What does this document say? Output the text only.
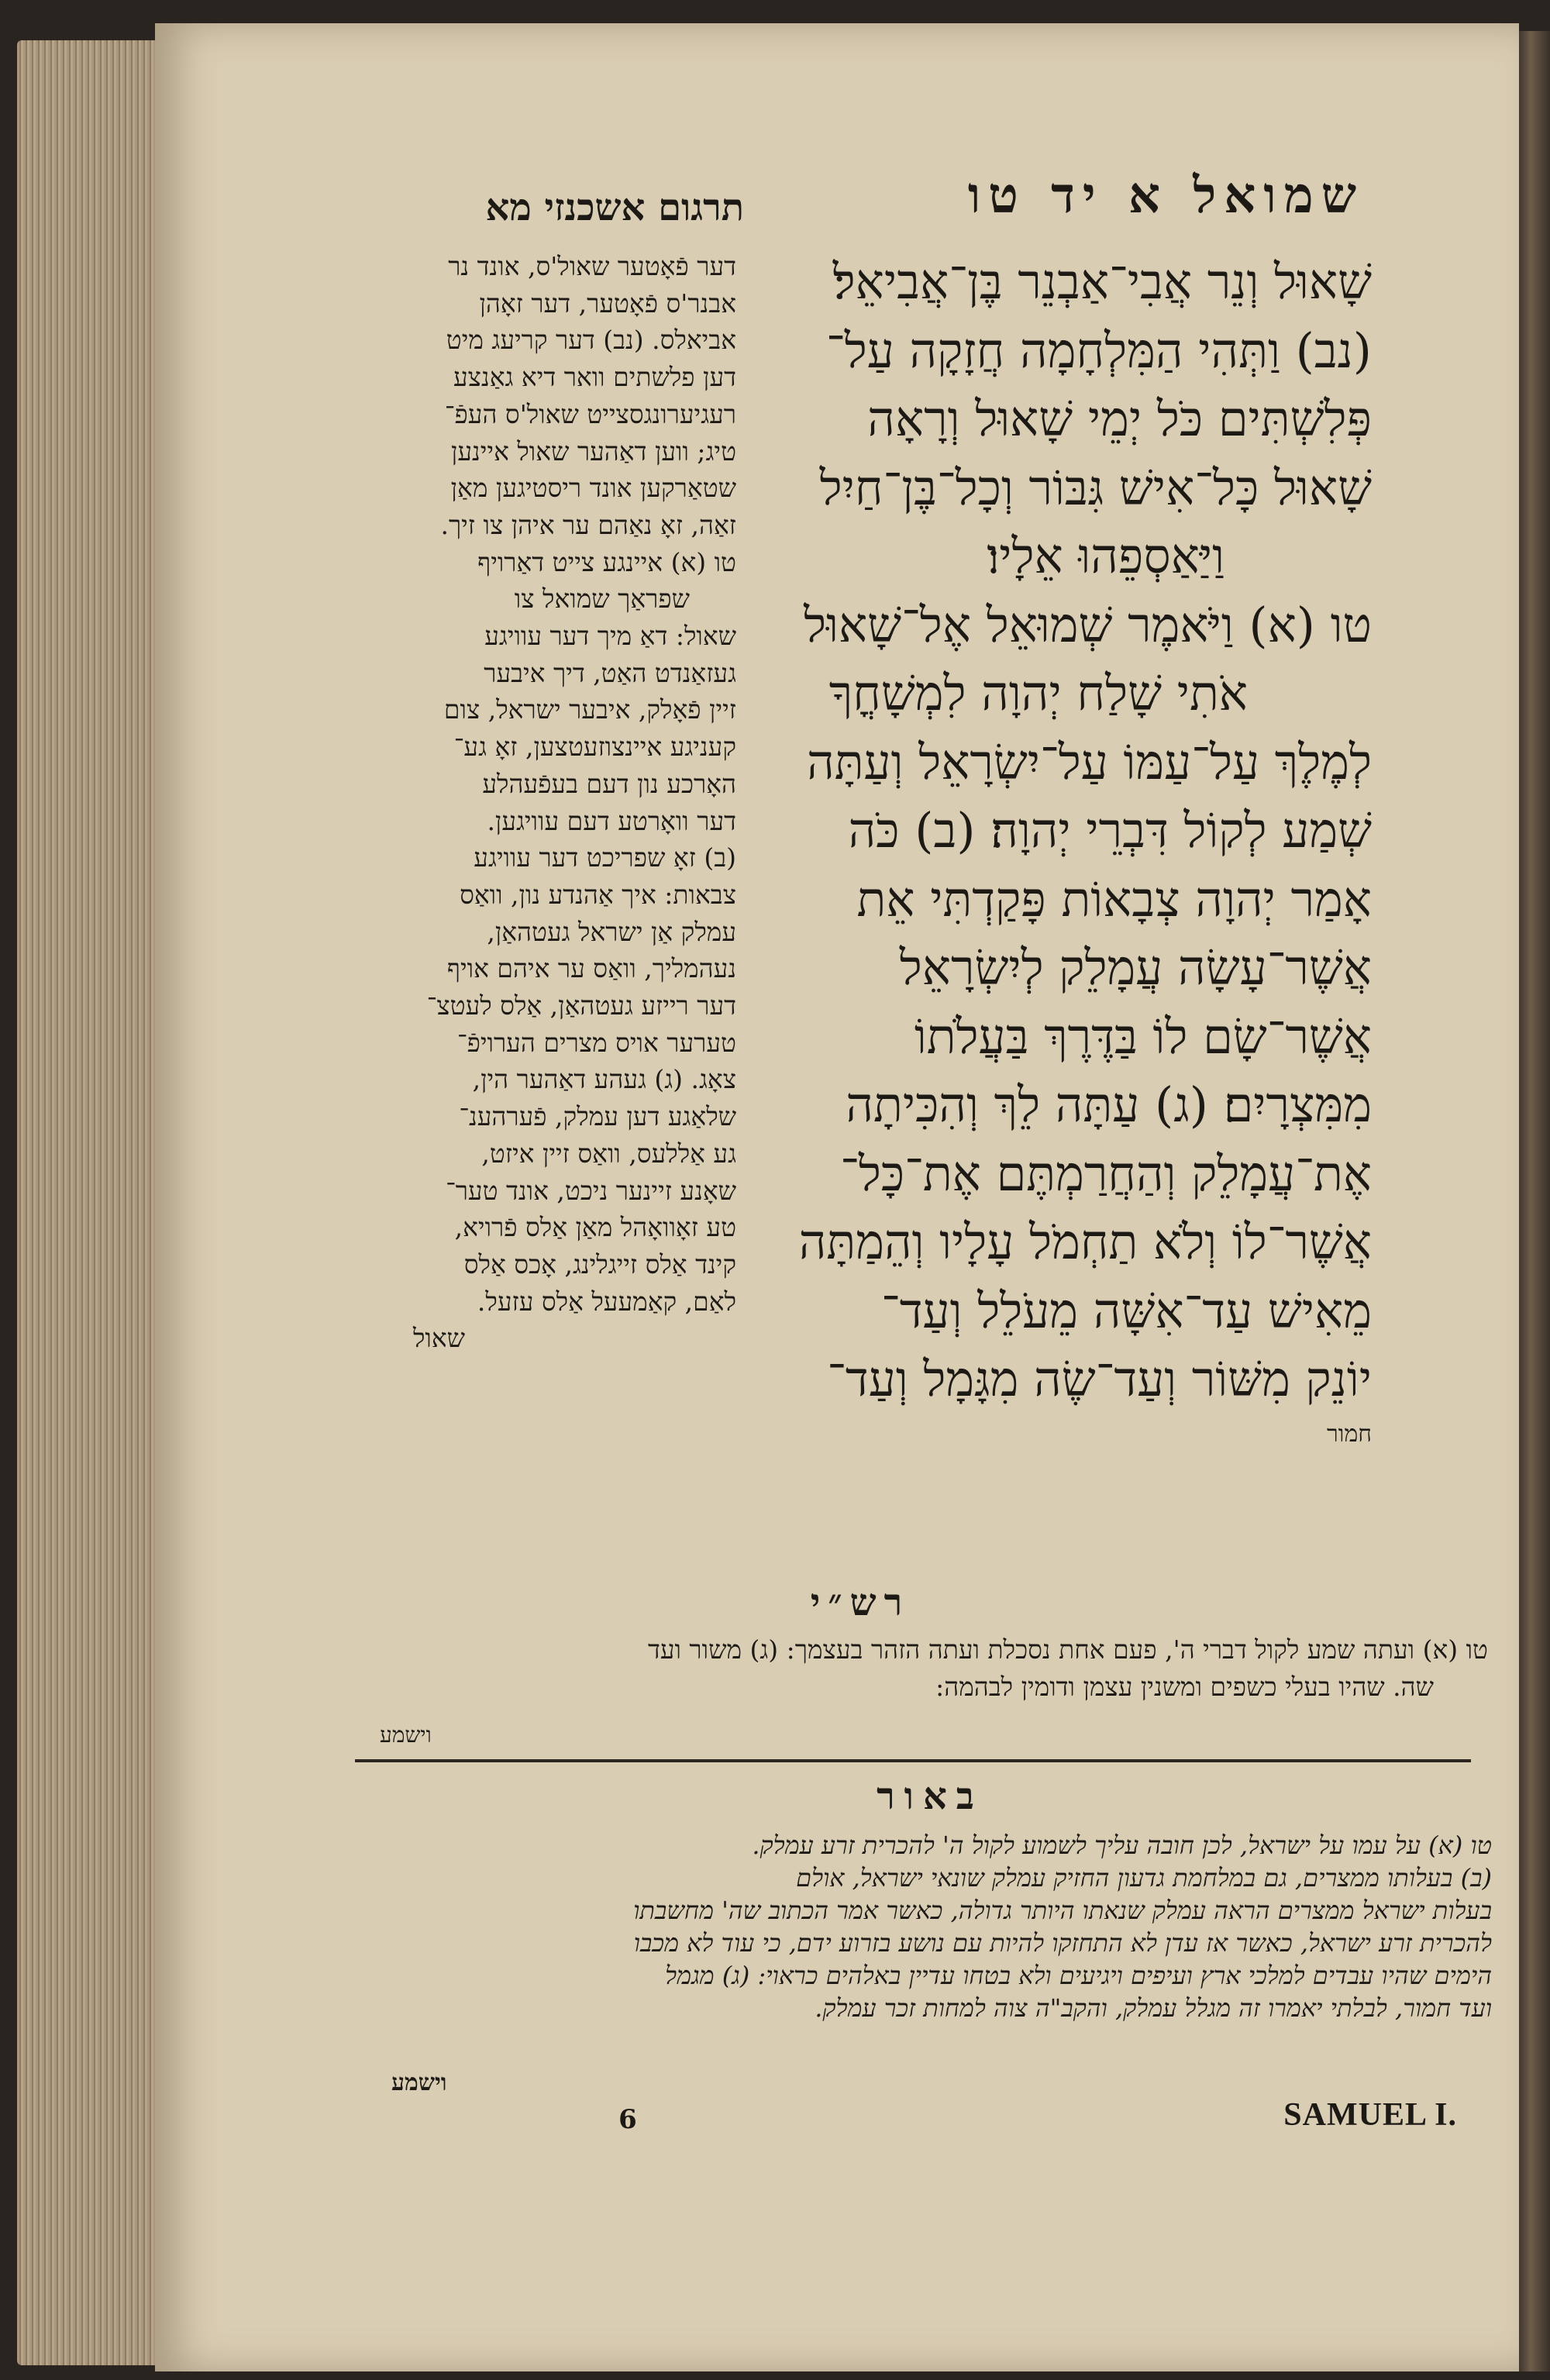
שמואל א יד טו
תרגום אשכנזי מא
שָׁאוּל וְנֵר אֲבִי־אַבְנֵר בֶּן־אֲבִיאֵל׃
(נב) וַתְּהִי הַמִּלְחָמָה חֲזָקָה עַל־
פְּלִשְׁתִּים כֹּל יְמֵי שָׁאוּל וְרָאָה
שָׁאוּל כָּל־אִישׁ גִּבּוֹר וְכָל־בֶּן־חַיִל
וַיַּאַסְפֵהוּ אֵלָיו׃
טו (א) וַיֹּאמֶר שְׁמוּאֵל אֶל־שָׁאוּל
אֹתִי שָׁלַח יְהוָה לִמְשָׁחֳךָ
לְמֶלֶךְ עַל־עַמּוֹ עַל־יִשְׂרָאֵל וְעַתָּה
שְׁמַע לְקוֹל דִּבְרֵי יְהוָה׃ (ב) כֹּה
אָמַר יְהוָה צְבָאוֹת פָּקַדְתִּי אֵת
אֲשֶׁר־עָשָׂה עֲמָלֵק לְיִשְׂרָאֵל
אֲשֶׁר־שָׂם לוֹ בַּדֶּרֶךְ בַּעֲלֹתוֹ
מִמִּצְרָיִם׃ (ג) עַתָּה לֵךְ וְהִכִּיתָה
אֶת־עֲמָלֵק וְהַחֲרַמְתֶּם אֶת־כָּל־
אֲשֶׁר־לוֹ וְלֹא תַחְמֹל עָלָיו וְהֵמַתָּה
מֵאִישׁ עַד־אִשָּׁה מֵעֹלֵל וְעַד־
יוֹנֵק מִשּׁוֹר וְעַד־שֶׂה מִגָּמָל וְעַד־
חמור
דער פֿאָטער שאול'ס, אונד נר
אבנר'ס פֿאָטער, דער זאָהן
אביאלס. (נב) דער קריעג מיט
דען פלשתים וואר דיא גאַנצע
רעגיערונגסצייט שאול'ס העפֿ־
טיג; ווען דאַהער שאול איינען
שטאַרקען אונד ריסטיגען מאַן
זאַה, זאָ נאַהם ער איהן צו זיך.
טו (א) איינגע צייט דאַרויף
שפראַך שמואל צו
שאול: דאַ מיך דער עוויגע
געזאַנדט האַט, דיך איבער
זיין פֿאָלק, איבער ישראל, צום
קעניגע איינצוזעטצען, זאָ גע־
האָרכע נון דעם בעפֿעהלע
דער וואָרטע דעם עוויגען.
(ב) זאָ שפריכט דער עוויגע
צבאות: איך אַהנדע נון, וואַס
עמלק אַן ישראל געטהאַן,
נעהמליך, וואַס ער איהם אויף
דער רייזע געטהאַן, אַלס לעטצ־
טערער אויס מצרים הערויפֿ־
צאָג. (ג) געהע דאַהער הין,
שלאַגע דען עמלק, פֿערהענ־
גע אַללעס, וואַס זיין איזט,
שאָנע זיינער ניכט, אונד טער־
טע זאָוואָהל מאַן אַלס פֿרויא,
קינד אַלס זייגלינג, אָכס אַלס
לאַם, קאַמעעל אַלס עזעל.
שאול
רש״י
טו (א) ועתה שמע לקול דברי ה', פעם אחת נסכלת ועתה הזהר בעצמך: (ג) משור ועד
שה. שהיו בעלי כשפים ומשנין עצמן ודומין לבהמה:
וישמע
באור
טו (א) על עמו על ישראל, לכן חובה עליך לשמוע לקול ה' להכרית זרע עמלק.
(ב) בעלותו ממצרים, גם במלחמת גדעון החזיק עמלק שונאי ישראל, אולם
בעלות ישראל ממצרים הראה עמלק שנאתו היותר גדולה, כאשר אמר הכתוב שה' מחשבתו
להכרית זרע ישראל, כאשר אז עדן לא התחזקו להיות עם נושע בזרוע ידם, כי עוד לא מכבו
הימים שהיו עבדים למלכי ארץ ועיפים ויגיעים ולא בטחו עדיין באלהים כראוי: (ג) מגמל
ועד חמור, לבלתי יאמרו זה מגלל עמלק, והקב"ה צוה למחות זכר עמלק.
וישמע
6	SAMUEL I.
